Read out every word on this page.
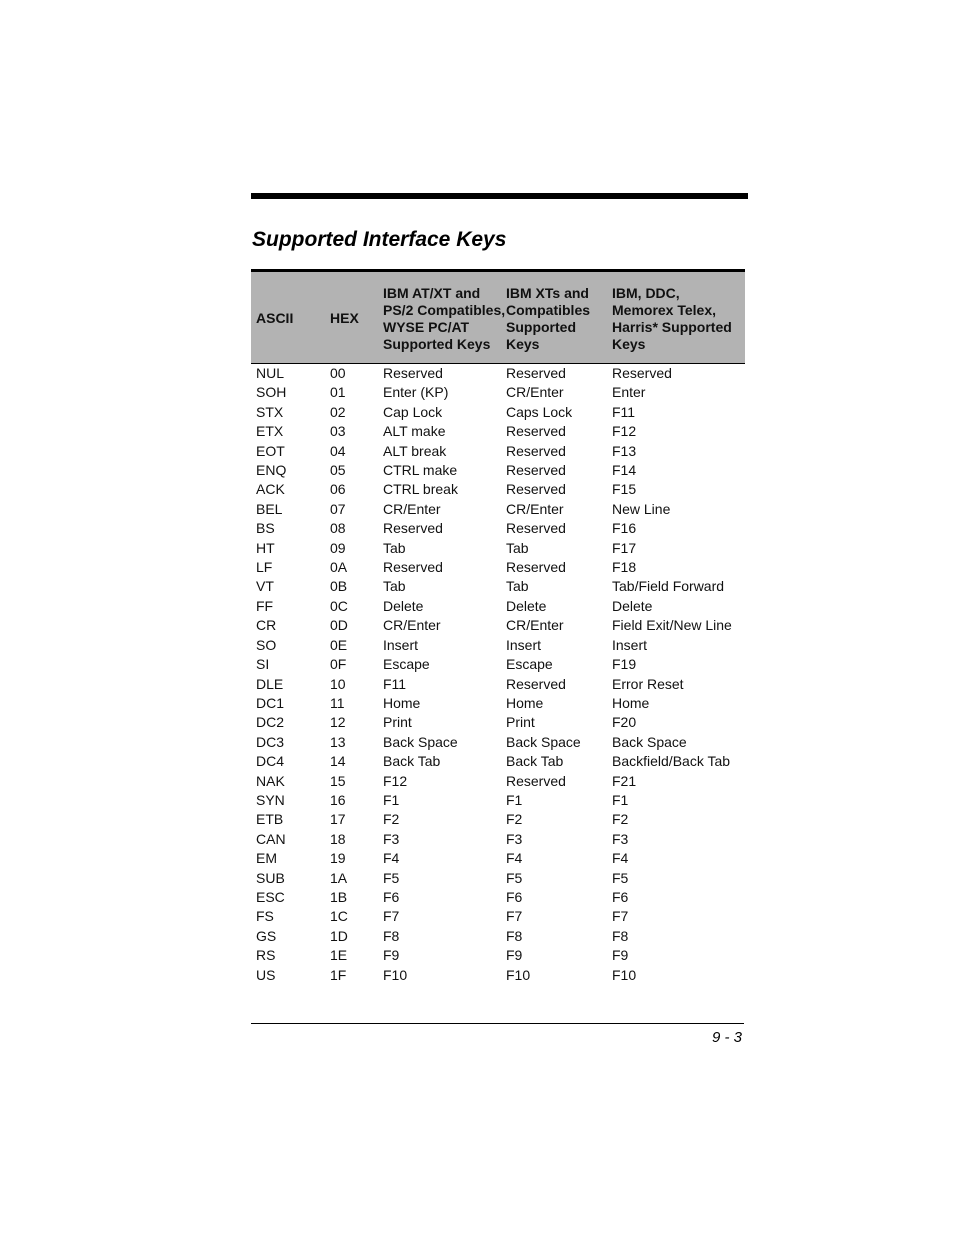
Supported Interface Keys
ASCII	HEX	IBM AT/XT and PS/2 Compatibles, WYSE PC/AT Supported Keys	IBM XTs and Compatibles Supported Keys	IBM, DDC, Memorex Telex, Harris* Supported Keys
NUL	00	Reserved	Reserved	Reserved
SOH	01	Enter (KP)	CR/Enter	Enter
STX	02	Cap Lock	Caps Lock	F11
ETX	03	ALT make	Reserved	F12
EOT	04	ALT break	Reserved	F13
ENQ	05	CTRL make	Reserved	F14
ACK	06	CTRL break	Reserved	F15
BEL	07	CR/Enter	CR/Enter	New Line
BS	08	Reserved	Reserved	F16
HT	09	Tab	Tab	F17
LF	0A	Reserved	Reserved	F18
VT	0B	Tab	Tab	Tab/Field Forward
FF	0C	Delete	Delete	Delete
CR	0D	CR/Enter	CR/Enter	Field Exit/New Line
SO	0E	Insert	Insert	Insert
SI	0F	Escape	Escape	F19
DLE	10	F11	Reserved	Error Reset
DC1	11	Home	Home	Home
DC2	12	Print	Print	F20
DC3	13	Back Space	Back Space	Back Space
DC4	14	Back Tab	Back Tab	Backfield/Back Tab
NAK	15	F12	Reserved	F21
SYN	16	F1	F1	F1
ETB	17	F2	F2	F2
CAN	18	F3	F3	F3
EM	19	F4	F4	F4
SUB	1A	F5	F5	F5
ESC	1B	F6	F6	F6
FS	1C	F7	F7	F7
GS	1D	F8	F8	F8
RS	1E	F9	F9	F9
US	1F	F10	F10	F10
9 - 3
